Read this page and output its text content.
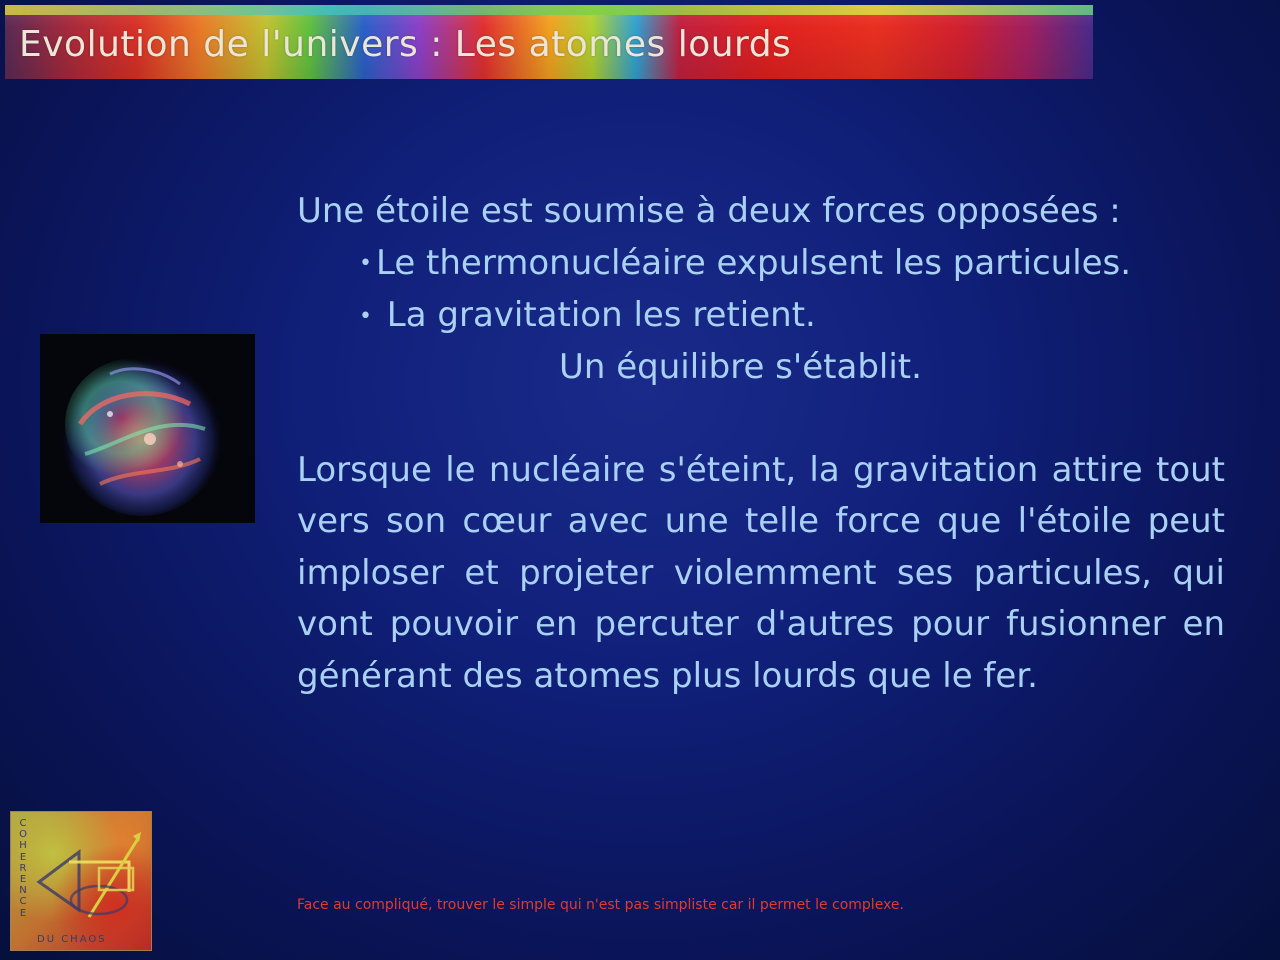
Evolution de l'univers : Les atomes lourds

Une étoile est soumise à deux forces opposées :

• Le thermonucléaire expulsent les particules.

• La gravitation les retient.

Un équilibre s'établit.

Lorsque le nucléaire s'éteint, la gravitation attire tout vers son cœur avec une telle force que l'étoile peut imploser et projeter violemment ses particules, qui vont pouvoir en percuter d'autres pour fusionner en générant des atomes plus lourds que le fer.

C
O
H
E
R
E
N
C
E
DU CHAOS
Face au compliqué, trouver le simple qui n'est pas simpliste car il permet le complexe.
